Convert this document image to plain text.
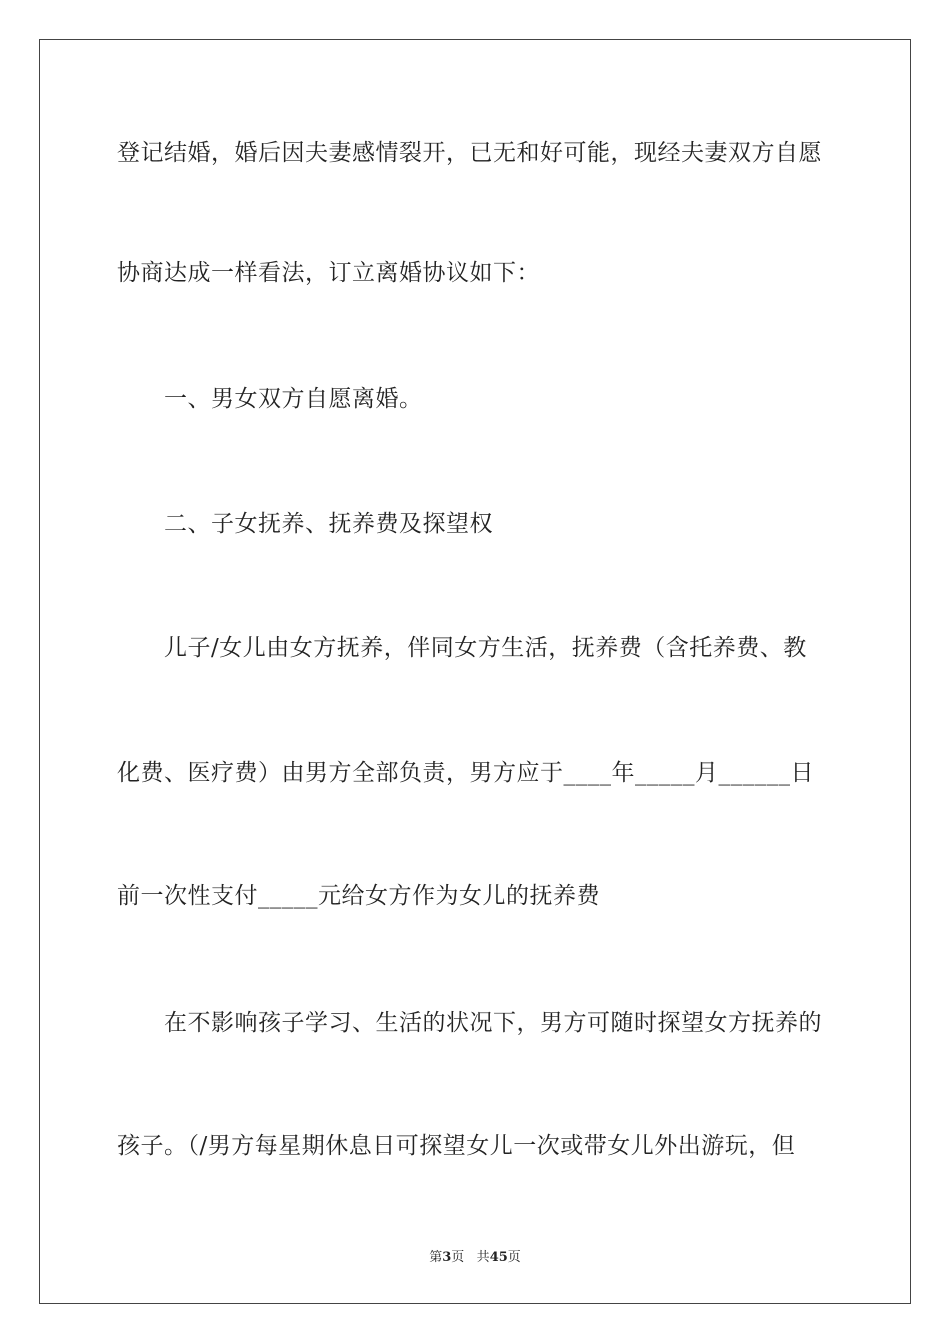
登记结婚，婚后因夫妻感情裂开，已无和好可能，现经夫妻双方自愿
协商达成一样看法，订立离婚协议如下：
一、男女双方自愿离婚。
二、子女抚养、抚养费及探望权
儿子/女儿由女方抚养，伴同女方生活，抚养费（含托养费、教
化费、医疗费）由男方全部负责，男方应于____年_____月______日
前一次性支付_____元给女方作为女儿的抚养费
在不影响孩子学习、生活的状况下，男方可随时探望女方抚养的
孩子。（/男方每星期休息日可探望女儿一次或带女儿外出游玩，但
第3页 共45页
